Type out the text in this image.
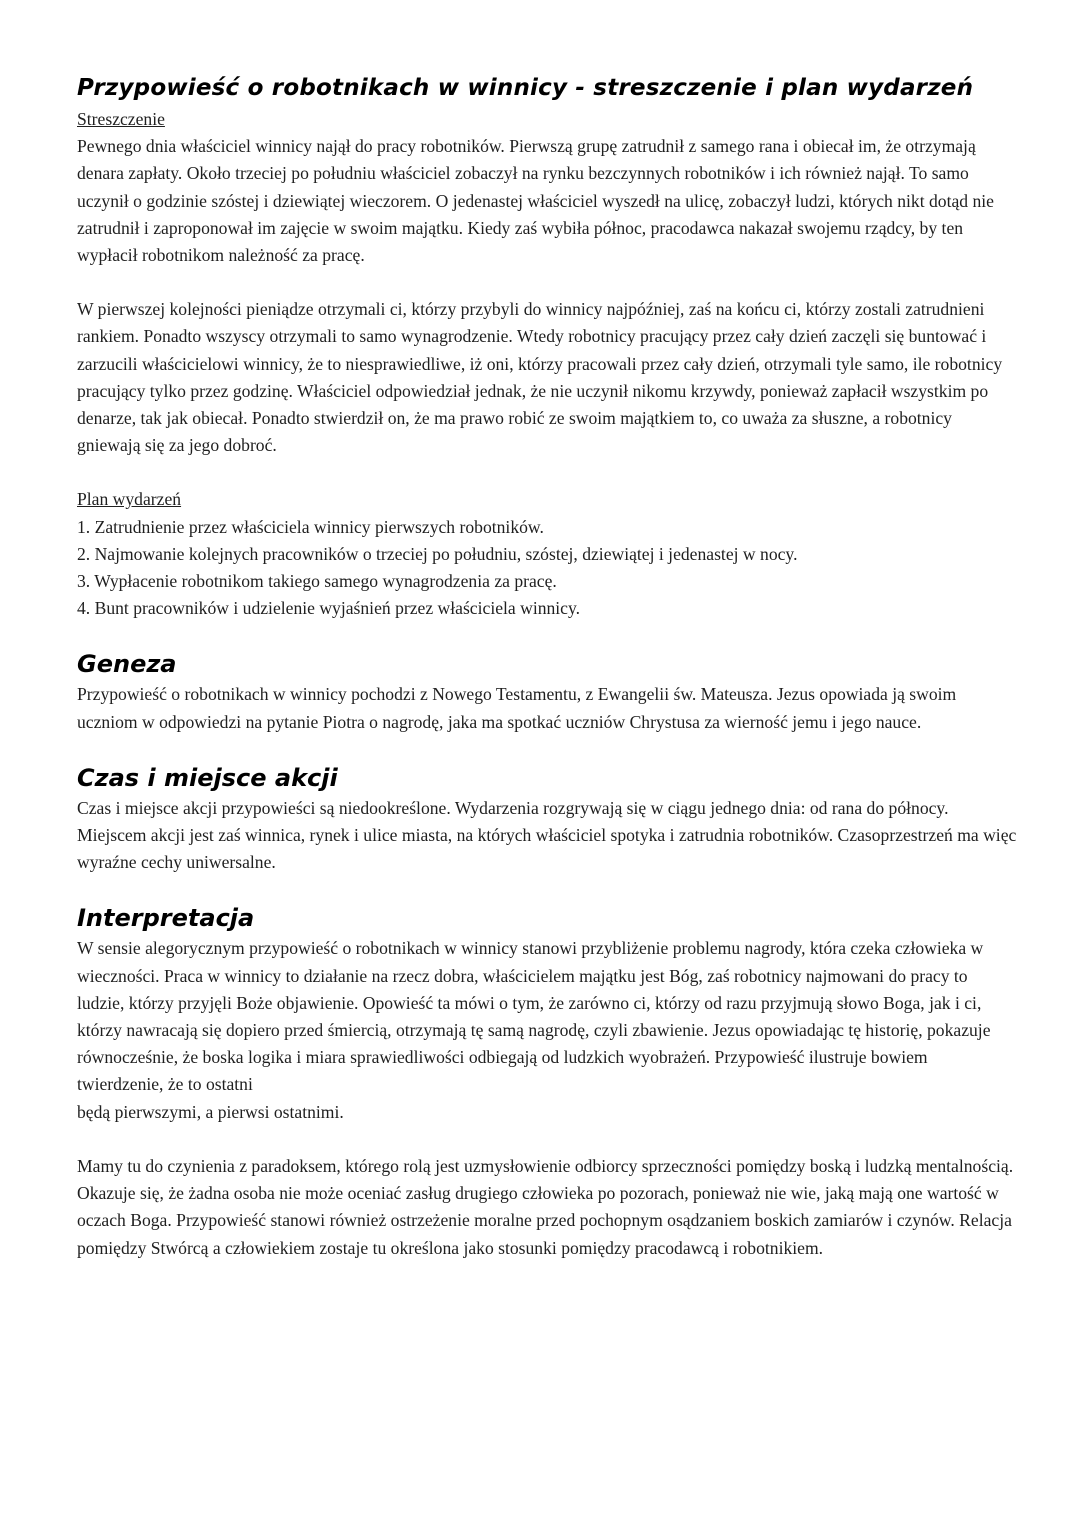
Przypowieść o robotnikach w winnicy - streszczenie i plan wydarzeń

Streszczenie

Pewnego dnia właściciel winnicy najął do pracy robotników. Pierwszą grupę zatrudnił z samego rana i obiecał im, że otrzymają denara zapłaty. Około trzeciej po południu właściciel zobaczył na rynku bezczynnych robotników i ich również najął. To samo uczynił o godzinie szóstej i dziewiątej wieczorem. O jedenastej właściciel wyszedł na ulicę, zobaczył ludzi, których nikt dotąd nie zatrudnił i zaproponował im zajęcie w swoim majątku. Kiedy zaś wybiła północ, pracodawca nakazał swojemu rządcy, by ten wypłacił robotnikom należność za pracę.

W pierwszej kolejności pieniądze otrzymali ci, którzy przybyli do winnicy najpóźniej, zaś na końcu ci, którzy zostali zatrudnieni rankiem. Ponadto wszyscy otrzymali to samo wynagrodzenie. Wtedy robotnicy pracujący przez cały dzień zaczęli się buntować i zarzucili właścicielowi winnicy, że to niesprawiedliwe, iż oni, którzy pracowali przez cały dzień, otrzymali tyle samo, ile robotnicy pracujący tylko przez godzinę. Właściciel odpowiedział jednak, że nie uczynił nikomu krzywdy, ponieważ zapłacił wszystkim po denarze, tak jak obiecał. Ponadto stwierdził on, że ma prawo robić ze swoim majątkiem to, co uważa za słuszne, a robotnicy gniewają się za jego dobroć.

Plan wydarzeń

1. Zatrudnienie przez właściciela winnicy pierwszych robotników.
2. Najmowanie kolejnych pracowników o trzeciej po południu, szóstej, dziewiątej i jedenastej w nocy.
3. Wypłacenie robotnikom takiego samego wynagrodzenia za pracę.
4. Bunt pracowników i udzielenie wyjaśnień przez właściciela winnicy.
Geneza

Przypowieść o robotnikach w winnicy pochodzi z Nowego Testamentu, z Ewangelii św. Mateusza. Jezus opowiada ją swoim uczniom w odpowiedzi na pytanie Piotra o nagrodę, jaka ma spotkać uczniów Chrystusa za wierność jemu i jego nauce.

Czas i miejsce akcji

Czas i miejsce akcji przypowieści są niedookreślone. Wydarzenia rozgrywają się w ciągu jednego dnia: od rana do północy. Miejscem akcji jest zaś winnica, rynek i ulice miasta, na których właściciel spotyka i zatrudnia robotników. Czasoprzestrzeń ma więc wyraźne cechy uniwersalne.

Interpretacja

W sensie alegorycznym przypowieść o robotnikach w winnicy stanowi przybliżenie problemu nagrody, która czeka człowieka w wieczności. Praca w winnicy to działanie na rzecz dobra, właścicielem majątku jest Bóg, zaś robotnicy najmowani do pracy to ludzie, którzy przyjęli Boże objawienie. Opowieść ta mówi o tym, że zarówno ci, którzy od razu przyjmują słowo Boga, jak i ci, którzy nawracają się dopiero przed śmiercią, otrzymają tę samą nagrodę, czyli zbawienie. Jezus opowiadając tę historię, pokazuje równocześnie, że boska logika i miara sprawiedliwości odbiegają od ludzkich wyobrażeń. Przypowieść ilustruje bowiem twierdzenie, że to ostatni

będą pierwszymi, a pierwsi ostatnimi.

Mamy tu do czynienia z paradoksem, którego rolą jest uzmysłowienie odbiorcy sprzeczności pomiędzy boską i ludzką mentalnością. Okazuje się, że żadna osoba nie może oceniać zasług drugiego człowieka po pozorach, ponieważ nie wie, jaką mają one wartość w oczach Boga. Przypowieść stanowi również ostrzeżenie moralne przed pochopnym osądzaniem boskich zamiarów i czynów. Relacja pomiędzy Stwórcą a człowiekiem zostaje tu określona jako stosunki pomiędzy pracodawcą i robotnikiem.
